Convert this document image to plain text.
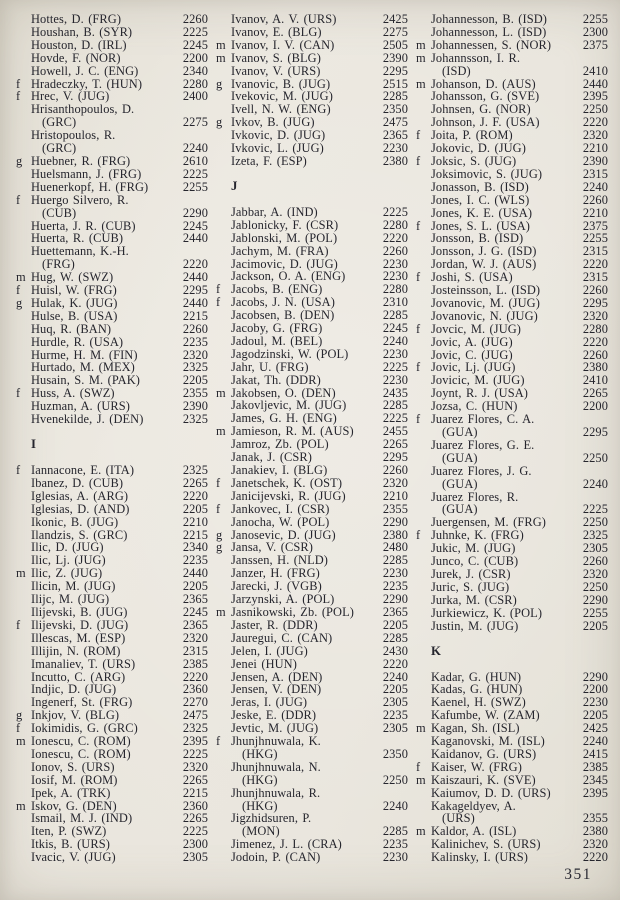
Hottes, D. (FRG)	2260
Houshan, B. (SYR)	2225
Houston, D. (IRL)	2245
Hovde, F. (NOR)	2200
Howell, J. C. (ENG)	2340
f Hradeczky, T. (HUN)	2280
f Hrec, V. (JUG)	2400
Hrisanthopoulos, D.
(GRC)	2275
Hristopoulos, R.
(GRC)	2240
g Huebner, R. (FRG)	2610
Huelsmann, J. (FRG)	2225
Huenerkopf, H. (FRG)	2255
f Huergo Silvero, R.
(CUB)	2290
Huerta, J. R. (CUB)	2245
Huerta, R. (CUB)	2440
Huettemann, K.-H.
(FRG)	2220
m Hug, W. (SWZ)	2440
f Huisl, W. (FRG)	2295
g Hulak, K. (JUG)	2440
Hulse, B. (USA)	2215
Huq, R. (BAN)	2260
Hurdle, R. (USA)	2235
Hurme, H. M. (FIN)	2320
Hurtado, M. (MEX)	2325
Husain, S. M. (PAK)	2205
f Huss, A. (SWZ)	2355
Huzman, A. (URS)	2390
Hvenekilde, J. (DEN)	2325
I
f Iannacone, E. (ITA)	2325
Ibanez, D. (CUB)	2265
Iglesias, A. (ARG)	2220
Iglesias, D. (AND)	2205
Ikonic, B. (JUG)	2210
Ilandzis, S. (GRC)	2215
Ilic, D. (JUG)	2340
Ilic, Lj. (JUG)	2235
m Ilic, Z. (JUG)	2440
Ilicin, M. (JUG)	2205
Ilijc, M. (JUG)	2365
Ilijevski, B. (JUG)	2245
f Ilijevski, D. (JUG)	2365
Illescas, M. (ESP)	2320
Illijin, N. (ROM)	2315
Imanaliev, T. (URS)	2385
Incutto, C. (ARG)	2220
Indjic, D. (JUG)	2360
Ingenerf, St. (FRG)	2270
g Inkjov, V. (BLG)	2475
f Iokimidis, G. (GRC)	2325
m Ionescu, C. (ROM)	2395
Ionescu, C. (ROM)	2225
Ionov, S. (URS)	2320
Iosif, M. (ROM)	2265
Ipek, A. (TRK)	2215
m Iskov, G. (DEN)	2360
Ismail, M. J. (IND)	2265
Iten, P. (SWZ)	2225
Itkis, B. (URS)	2300
Ivacic, V. (JUG)	2305
Ivanov, A. V. (URS)	2425
Ivanov, E. (BLG)	2275
m Ivanov, I. V. (CAN)	2505
m Ivanov, S. (BLG)	2390
Ivanov, V. (URS)	2295
g Ivanovic, B. (JUG)	2515
Ivekovic, M. (JUG)	2285
Ivell, N. W. (ENG)	2350
g Ivkov, B. (JUG)	2475
Ivkovic, D. (JUG)	2365
Ivkovic, L. (JUG)	2230
Izeta, F. (ESP)	2380
J
Jabbar, A. (IND)	2225
Jablonicky, F. (CSR)	2280
Jablonski, M. (POL)	2220
Jachym, M. (FRA)	2260
Jacimovic, D. (JUG)	2230
Jackson, O. A. (ENG)	2230
f Jacobs, B. (ENG)	2280
f Jacobs, J. N. (USA)	2310
Jacobsen, B. (DEN)	2285
Jacoby, G. (FRG)	2245
Jadoul, M. (BEL)	2240
Jagodzinski, W. (POL)	2230
Jahr, U. (FRG)	2225
Jakat, Th. (DDR)	2230
m Jakobsen, O. (DEN)	2435
Jakovljevic, M. (JUG)	2285
James, G. H. (ENG)	2225
m Jamieson, R. M. (AUS)	2455
Jamroz, Zb. (POL)	2265
Janak, J. (CSR)	2295
Janakiev, I. (BLG)	2260
f Janetschek, K. (OST)	2320
Janicijevski, R. (JUG)	2210
f Jankovec, I. (CSR)	2355
Janocha, W. (POL)	2290
g Janosevic, D. (JUG)	2380
g Jansa, V. (CSR)	2480
Janssen, H. (NLD)	2285
Janzer, H. (FRG)	2230
Jarecki, J. (VGB)	2235
Jarzynski, A. (POL)	2290
m Jasnikowski, Zb. (POL)	2365
Jaster, R. (DDR)	2205
Jauregui, C. (CAN)	2285
Jelen, I. (JUG)	2430
Jenei (HUN)	2220
Jensen, A. (DEN)	2240
Jensen, V. (DEN)	2205
Jeras, I. (JUG)	2305
Jeske, E. (DDR)	2235
Jevtic, M. (JUG)	2305
f Jhunjhnuwala, K.
(HKG)	2350
Jhunjhnuwala, N.
(HKG)	2250
Jhunjhnuwala, R.
(HKG)	2240
Jigzhidsuren, P.
(MON)	2285
Jimenez, J. L. (CRA)	2235
Jodoin, P. (CAN)	2230
Johannesson, B. (ISD)	2255
Johannesson, L. (ISD)	2300
m Johannessen, S. (NOR)	2375
m Johannsson, I. R.
(ISD)	2410
m Johanson, D. (AUS)	2440
Johansson, G. (SVE)	2395
Johnsen, G. (NOR)	2250
Johnson, J. F. (USA)	2220
f Joita, P. (ROM)	2320
Jokovic, D. (JUG)	2210
f Joksic, S. (JUG)	2390
Joksimovic, S. (JUG)	2315
Jonasson, B. (ISD)	2240
Jones, I. C. (WLS)	2260
Jones, K. E. (USA)	2210
f Jones, S. L. (USA)	2375
Jonsson, B. (ISD)	2255
Jonsson, J. G. (ISD)	2315
Jordan, W. J. (AUS)	2220
f Joshi, S. (USA)	2315
Josteinsson, L. (ISD)	2260
Jovanovic, M. (JUG)	2295
Jovanovic, N. (JUG)	2320
f Jovcic, M. (JUG)	2280
Jovic, A. (JUG)	2220
Jovic, C. (JUG)	2260
f Jovic, Lj. (JUG)	2380
Jovicic, M. (JUG)	2410
Joynt, R. J. (USA)	2265
Jozsa, C. (HUN)	2200
f Juarez Flores, C. A.
(GUA)	2295
Juarez Flores, G. E.
(GUA)	2250
Juarez Flores, J. G.
(GUA)	2240
Juarez Flores, R.
(GUA)	2225
Juergensen, M. (FRG)	2250
f Juhnke, K. (FRG)	2325
Jukic, M. (JUG)	2305
Junco, C. (CUB)	2260
Jurek, J. (CSR)	2320
Juric, S. (JUG)	2250
Jurka, M. (CSR)	2290
Jurkiewicz, K. (POL)	2255
Justin, M. (JUG)	2205
K
Kadar, G. (HUN)	2290
Kadas, G. (HUN)	2200
Kaenel, H. (SWZ)	2230
Kafumbe, W. (ZAM)	2205
m Kagan, Sh. (ISL)	2425
Kaganovski, M. (ISL)	2240
Kaidanov, G. (URS)	2415
f Kaiser, W. (FRG)	2385
m Kaiszauri, K. (SVE)	2345
Kaiumov, D. D. (URS)	2395
Kakageldyev, A.
(URS)	2355
m Kaldor, A. (ISL)	2380
Kalinichev, S. (URS)	2320
Kalinsky, I. (URS)	2220
351
